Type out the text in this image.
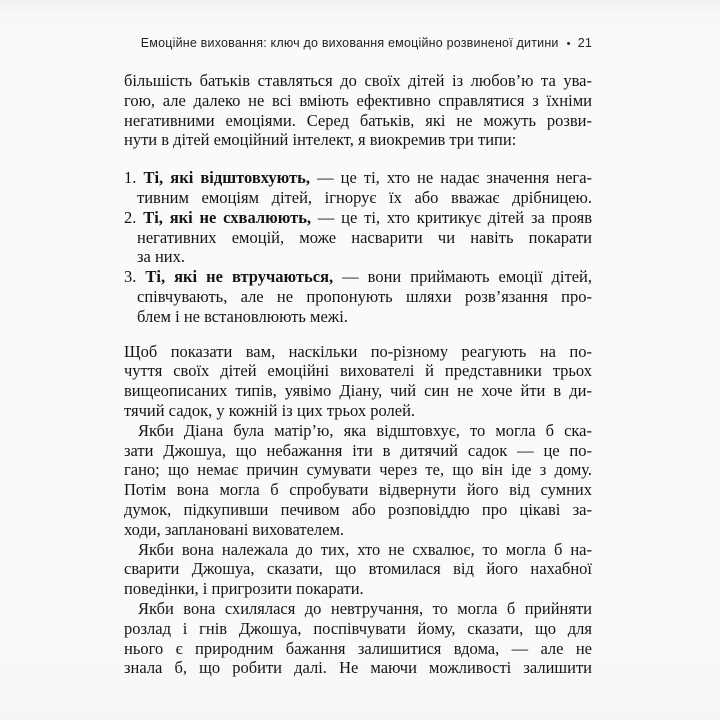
Емоційне виховання: ключ до виховання емоційно розвиненої дитини • 21
більшість батьків ставляться до своїх дітей із любов’ю та ува-
гою, але далеко не всі вміють ефективно справлятися з їхніми
негативними емоціями. Серед батьків, які не можуть розви-
нути в дітей емоційний інтелект, я виокремив три типи:
1. Ті, які відштовхують, — це ті, хто не надає значення нега-
тивним емоціям дітей, ігнорує їх або вважає дрібницею.
2. Ті, які не схвалюють, — це ті, хто критикує дітей за прояв
негативних емоцій, може насварити чи навіть покарати
за них.
3. Ті, які не втручаються, — вони приймають емоції дітей,
співчувають, але не пропонують шляхи розв’язання про-
блем і не встановлюють межі.
Щоб показати вам, наскільки по-різному реагують на по-
чуття своїх дітей емоційні вихователі й представники трьох
вищеописаних типів, уявімо Діану, чий син не хоче йти в ди-
тячий садок, у кожній із цих трьох ролей.
Якби Діана була матір’ю, яка відштовхує, то могла б ска-
зати Джошуа, що небажання іти в дитячий садок — це по-
гано; що немає причин сумувати через те, що він іде з дому.
Потім вона могла б спробувати відвернути його від сумних
думок, підкупивши печивом або розповіддю про цікаві за-
ходи, заплановані вихователем.
Якби вона належала до тих, хто не схвалює, то могла б на-
сварити Джошуа, сказати, що втомилася від його нахабної
поведінки, і пригрозити покарати.
Якби вона схилялася до невтручання, то могла б прийняти
розлад і гнів Джошуа, поспівчувати йому, сказати, що для
нього є природним бажання залишитися вдома, — але не
знала б, що робити далі. Не маючи можливості залишити
